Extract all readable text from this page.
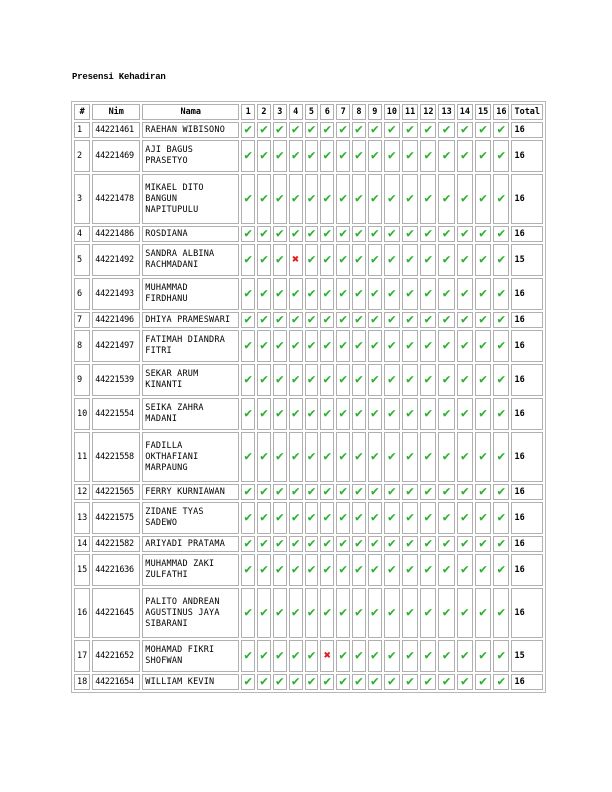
Presensi Kehadiran
#	Nim	Nama	1	2	3	4	5	6	7	8	9	10	11	12	13	14	15	16	Total
1	44221461	RAEHAN WIBISONO	✔	✔	✔	✔	✔	✔	✔	✔	✔	✔	✔	✔	✔	✔	✔	✔	16
2	44221469	AJI BAGUS
PRASETYO	✔	✔	✔	✔	✔	✔	✔	✔	✔	✔	✔	✔	✔	✔	✔	✔	16
3	44221478	MIKAEL DITO
BANGUN
NAPITUPULU	✔	✔	✔	✔	✔	✔	✔	✔	✔	✔	✔	✔	✔	✔	✔	✔	16
4	44221486	ROSDIANA	✔	✔	✔	✔	✔	✔	✔	✔	✔	✔	✔	✔	✔	✔	✔	✔	16
5	44221492	SANDRA ALBINA
RACHMADANI	✔	✔	✔	✖	✔	✔	✔	✔	✔	✔	✔	✔	✔	✔	✔	✔	15
6	44221493	MUHAMMAD
FIRDHANU	✔	✔	✔	✔	✔	✔	✔	✔	✔	✔	✔	✔	✔	✔	✔	✔	16
7	44221496	DHIYA PRAMESWARI	✔	✔	✔	✔	✔	✔	✔	✔	✔	✔	✔	✔	✔	✔	✔	✔	16
8	44221497	FATIMAH DIANDRA
FITRI	✔	✔	✔	✔	✔	✔	✔	✔	✔	✔	✔	✔	✔	✔	✔	✔	16
9	44221539	SEKAR ARUM
KINANTI	✔	✔	✔	✔	✔	✔	✔	✔	✔	✔	✔	✔	✔	✔	✔	✔	16
10	44221554	SEIKA ZAHRA
MADANI	✔	✔	✔	✔	✔	✔	✔	✔	✔	✔	✔	✔	✔	✔	✔	✔	16
11	44221558	FADILLA
OKTHAFIANI
MARPAUNG	✔	✔	✔	✔	✔	✔	✔	✔	✔	✔	✔	✔	✔	✔	✔	✔	16
12	44221565	FERRY KURNIAWAN	✔	✔	✔	✔	✔	✔	✔	✔	✔	✔	✔	✔	✔	✔	✔	✔	16
13	44221575	ZIDANE TYAS
SADEWO	✔	✔	✔	✔	✔	✔	✔	✔	✔	✔	✔	✔	✔	✔	✔	✔	16
14	44221582	ARIYADI PRATAMA	✔	✔	✔	✔	✔	✔	✔	✔	✔	✔	✔	✔	✔	✔	✔	✔	16
15	44221636	MUHAMMAD ZAKI
ZULFATHI	✔	✔	✔	✔	✔	✔	✔	✔	✔	✔	✔	✔	✔	✔	✔	✔	16
16	44221645	PALITO ANDREAN
AGUSTINUS JAYA
SIBARANI	✔	✔	✔	✔	✔	✔	✔	✔	✔	✔	✔	✔	✔	✔	✔	✔	16
17	44221652	MOHAMAD FIKRI
SHOFWAN	✔	✔	✔	✔	✔	✖	✔	✔	✔	✔	✔	✔	✔	✔	✔	✔	15
18	44221654	WILLIAM KEVIN	✔	✔	✔	✔	✔	✔	✔	✔	✔	✔	✔	✔	✔	✔	✔	✔	16
